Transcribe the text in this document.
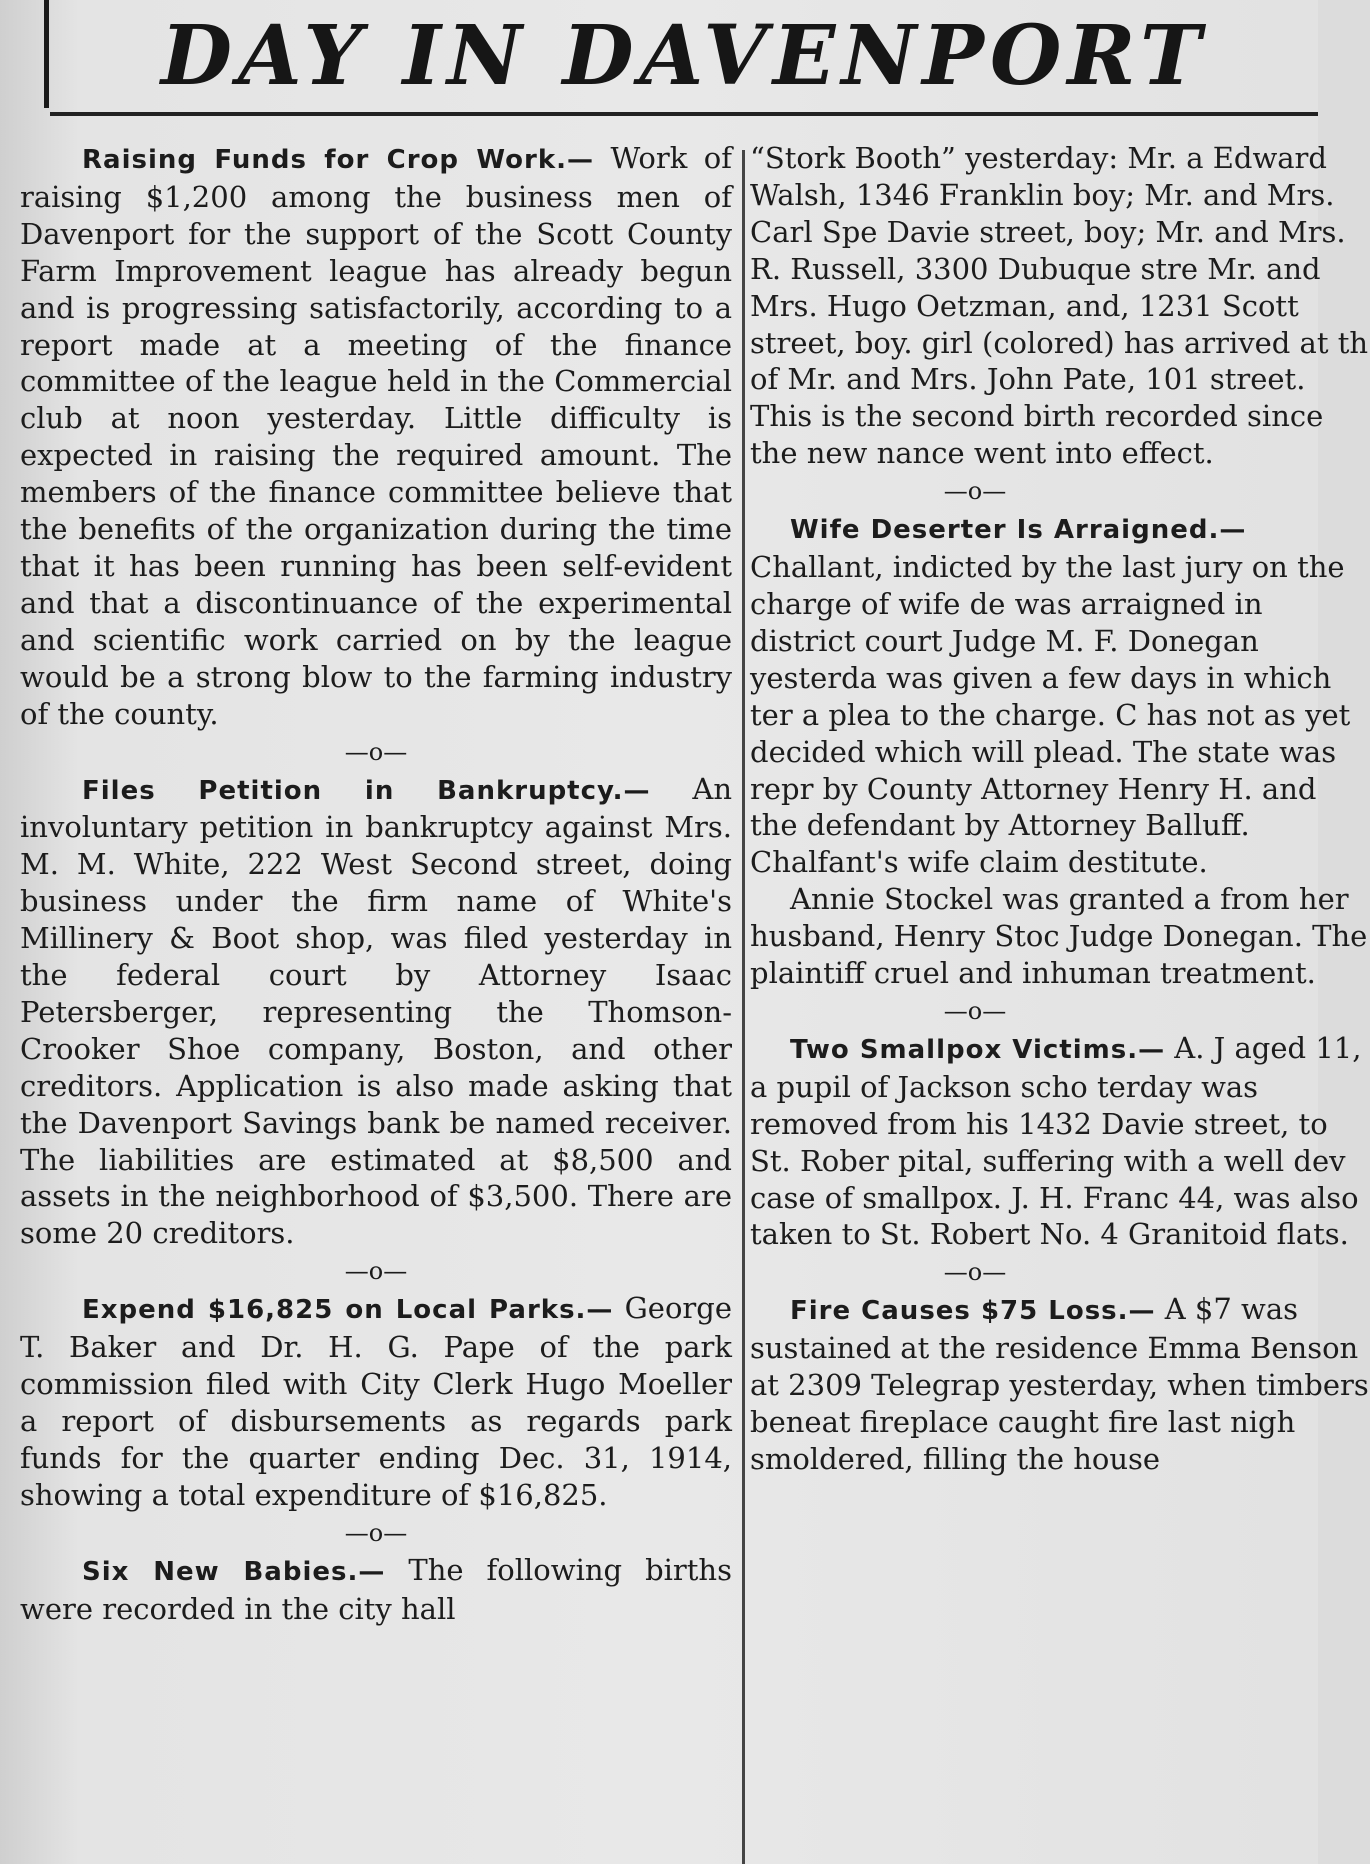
DAY IN DAVENPORT

Raising Funds for Crop Work.— Work of raising $1,200 among the business men of Davenport for the support of the Scott County Farm Improvement league has already begun and is progressing satisfactorily, according to a report made at a meeting of the finance committee of the league held in the Commercial club at noon yesterday. Little difficulty is expected in raising the required amount. The members of the finance committee believe that the benefits of the organization during the time that it has been running has been self-evident and that a discontinuance of the experimental and scientific work carried on by the league would be a strong blow to the farming industry of the county.

—o—

Files Petition in Bankruptcy.— An involuntary petition in bankruptcy against Mrs. M. M. White, 222 West Second street, doing business under the firm name of White's Millinery & Boot shop, was filed yesterday in the federal court by Attorney Isaac Petersberger, representing the Thomson-Crooker Shoe company, Boston, and other creditors. Application is also made asking that the Davenport Savings bank be named receiver. The liabilities are estimated at $8,500 and assets in the neighborhood of $3,500. There are some 20 creditors.

—o—

Expend $16,825 on Local Parks.— George T. Baker and Dr. H. G. Pape of the park commission filed with City Clerk Hugo Moeller a report of disbursements as regards park funds for the quarter ending Dec. 31, 1914, showing a total expenditure of $16,825.

—o—

Six New Babies.— The following births were recorded in the city hall

“Stork Booth” yesterday: Mr. a Edward Walsh, 1346 Franklin boy; Mr. and Mrs. Carl Spe Davie street, boy; Mr. and Mrs. R. Russell, 3300 Dubuque stre Mr. and Mrs. Hugo Oetzman, and, 1231 Scott street, boy. girl (colored) has arrived at th of Mr. and Mrs. John Pate, 101 street. This is the second birth recorded since the new nance went into effect.

—o—

Wife Deserter Is Arraigned.— Challant, indicted by the last jury on the charge of wife de was arraigned in district court Judge M. F. Donegan yesterda was given a few days in which ter a plea to the charge. C has not as yet decided which will plead. The state was repr by County Attorney Henry H. and the defendant by Attorney Balluff. Chalfant's wife claim destitute.

Annie Stockel was granted a from her husband, Henry Stoc Judge Donegan. The plaintiff cruel and inhuman treatment.

—o—

Two Smallpox Victims.— A. J aged 11, a pupil of Jackson scho terday was removed from his 1432 Davie street, to St. Rober pital, suffering with a well dev case of smallpox. J. H. Franc 44, was also taken to St. Robert No. 4 Granitoid flats.

—o—

Fire Causes $75 Loss.— A $7 was sustained at the residence Emma Benson at 2309 Telegrap yesterday, when timbers beneat fireplace caught fire last nigh smoldered, filling the house
